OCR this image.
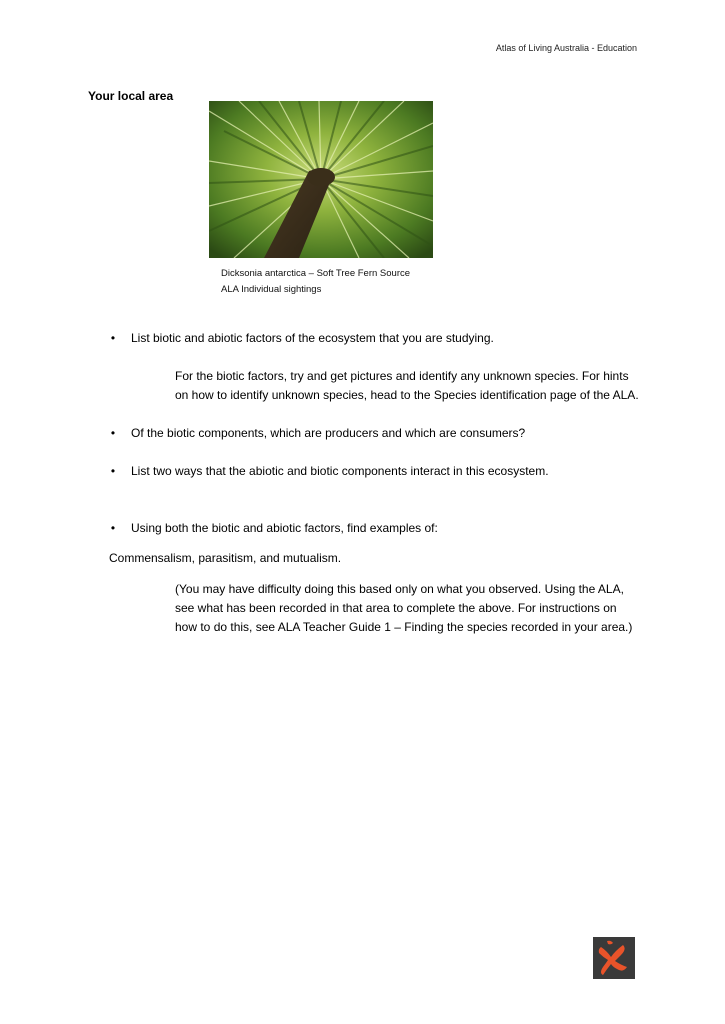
Atlas of Living Australia - Education
Your local area
Dicksonia antarctica – Soft Tree Fern Source
ALA Individual sightings
• List biotic and abiotic factors of the ecosystem that you are studying.
For the biotic factors, try and get pictures and identify any unknown species. For hints on how to identify unknown species, head to the Species identification page of the ALA.
• Of the biotic components, which are producers and which are consumers?
• List two ways that the abiotic and biotic components interact in this ecosystem.
• Using both the biotic and abiotic factors, find examples of:
Commensalism, parasitism, and mutualism.
(You may have difficulty doing this based only on what you observed. Using the ALA, see what has been recorded in that area to complete the above. For instructions on how to do this, see ALA Teacher Guide 1 – Finding the species recorded in your area.)
